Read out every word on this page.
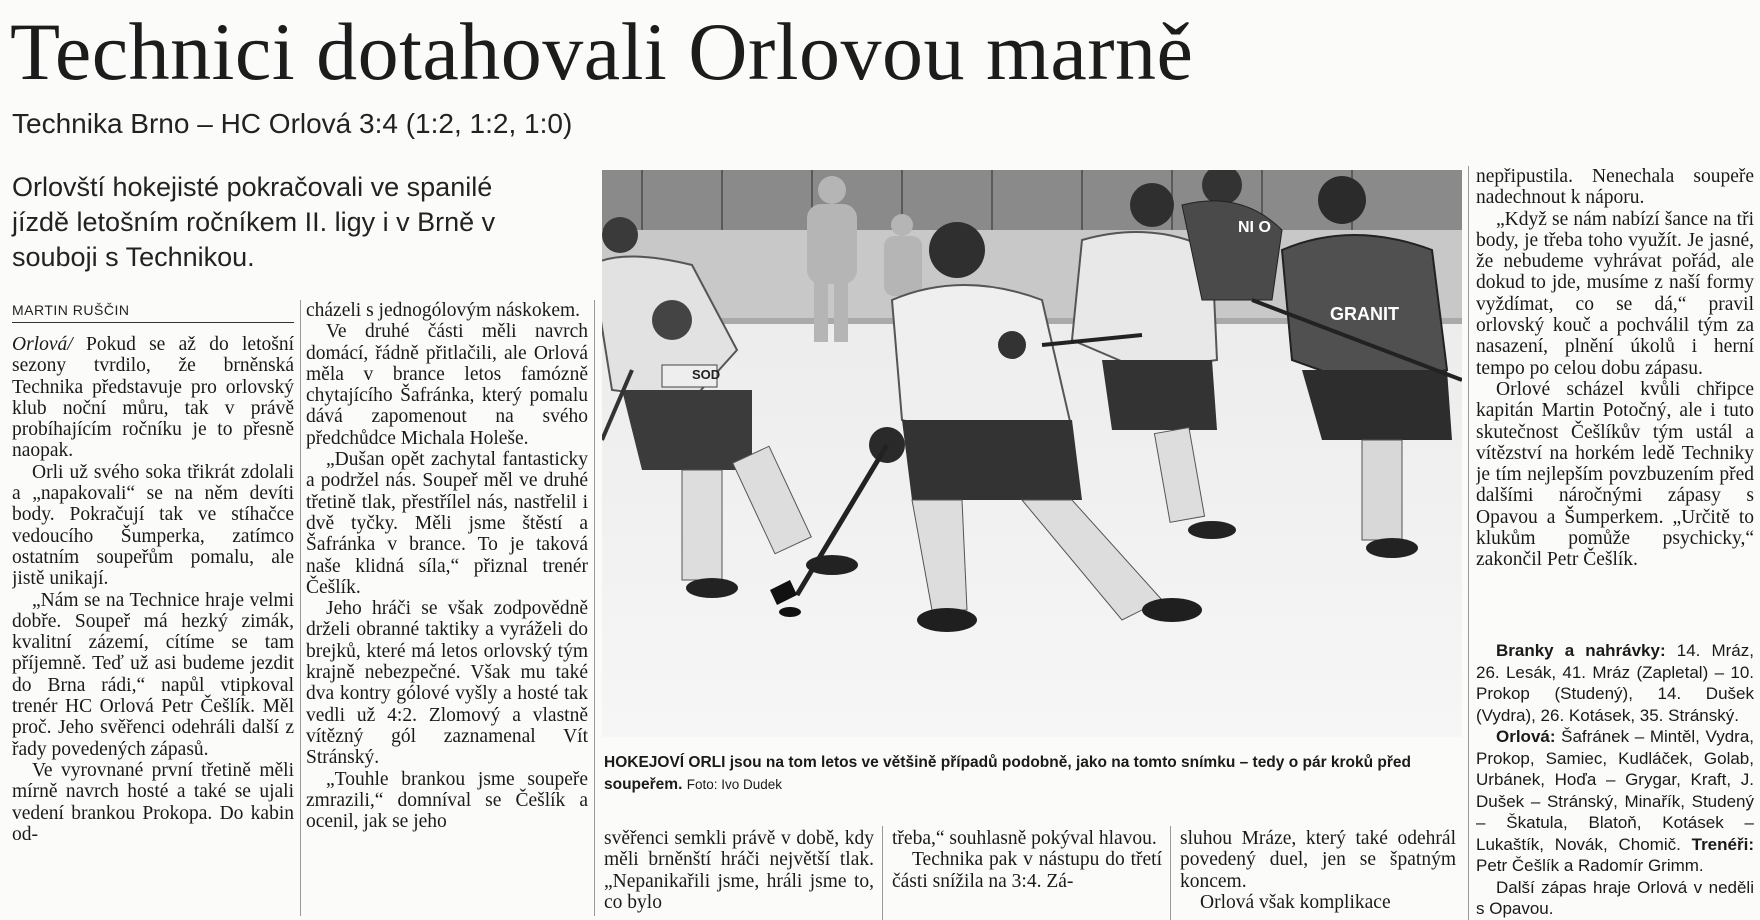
Technici dotahovali Orlovou marně
Technika Brno – HC Orlová 3:4 (1:2, 1:2, 1:0)

Orlovští hokejisté pokračovali ve spanilé jízdě letošním ročníkem II. ligy i v Brně v souboji s Technikou.

MARTIN RUŠČIN

Orlová/ Pokud se až do letošní sezony tvrdilo, že brněnská Technika představuje pro orlovský klub noční můru, tak v právě probíhajícím ročníku je to přesně naopak.

Orli už svého soka třikrát zdolali a „napakovali“ se na něm devíti body. Pokračují tak ve stíhačce vedoucího Šumperka, zatímco ostatním soupeřům pomalu, ale jistě unikají.

„Nám se na Technice hraje velmi dobře. Soupeř má hezký zimák, kvalitní zázemí, cítíme se tam příjemně. Teď už asi budeme jezdit do Brna rádi,“ napůl vtipkoval trenér HC Orlová Petr Češlík. Měl proč. Jeho svěřenci odehráli další z řady povedených zápasů.

Ve vyrovnané první třetině měli mírně navrch hosté a také se ujali vedení brankou Prokopa. Do kabin od-

cházeli s jednogólovým náskokem.

Ve druhé části měli navrch domácí, řádně přitlačili, ale Orlová měla v brance letos famózně chytajícího Šafránka, který pomalu dává zapomenout na svého předchůdce Michala Holeše.

„Dušan opět zachytal fantasticky a podržel nás. Soupeř měl ve druhé třetině tlak, přestřílel nás, nastřelil i dvě tyčky. Měli jsme štěstí a Šafránka v brance. To je taková naše klidná síla,“ přiznal trenér Češlík.

Jeho hráči se však zodpovědně drželi obranné taktiky a vyráželi do brejků, které má letos orlovský tým krajně nebezpečné. Však mu také dva kontry gólové vyšly a hosté tak vedli už 4:2. Zlomový a vlastně vítězný gól zaznamenal Vít Stránský.

„Touhle brankou jsme soupeře zmrazili,“ domníval se Češlík a ocenil, jak se jeho

SOD
NI O
GRANIT
HOKEJOVÍ ORLI jsou na tom letos ve většině případů podobně, jako na tomto snímku – tedy o pár kroků před soupeřem. Foto: Ivo Dudek

svěřenci semkli právě v době, kdy měli brněnští hráči největší tlak. „Nepanikařili jsme, hráli jsme to, co bylo

třeba,“ souhlasně pokýval hlavou.

Technika pak v nástupu do třetí části snížila na 3:4. Zá-

sluhou Mráze, který také odehrál povedený duel, jen se špatným koncem.

Orlová však komplikace

nepřipustila. Nenechala soupeře nadechnout k náporu.

„Když se nám nabízí šance na tři body, je třeba toho využít. Je jasné, že nebudeme vyhrávat pořád, ale dokud to jde, musíme z naší formy vyždímat, co se dá,“ pravil orlovský kouč a pochválil tým za nasazení, plnění úkolů i herní tempo po celou dobu zápasu.

Orlové scházel kvůli chřipce kapitán Martin Potočný, ale i tuto skutečnost Češlíkův tým ustál a vítězství na horkém ledě Techniky je tím nejlepším povzbuzením před dalšími náročnými zápasy s Opavou a Šumperkem. „Určitě to klukům pomůže psychicky,“ zakončil Petr Češlík.

Branky a nahrávky: 14. Mráz, 26. Lesák, 41. Mráz (Zapletal) – 10. Prokop (Studený), 14. Dušek (Vydra), 26. Kotásek, 35. Stránský.

Orlová: Šafránek – Mintěl, Vydra, Prokop, Samiec, Kudláček, Golab, Urbánek, Hoďa – Grygar, Kraft, J. Dušek – Stránský, Minařík, Studený – Škatula, Blatoň, Kotásek – Lukaštík, Novák, Chomič. Trenéři: Petr Češlík a Radomír Grimm.

Další zápas hraje Orlová v neděli s Opavou.
